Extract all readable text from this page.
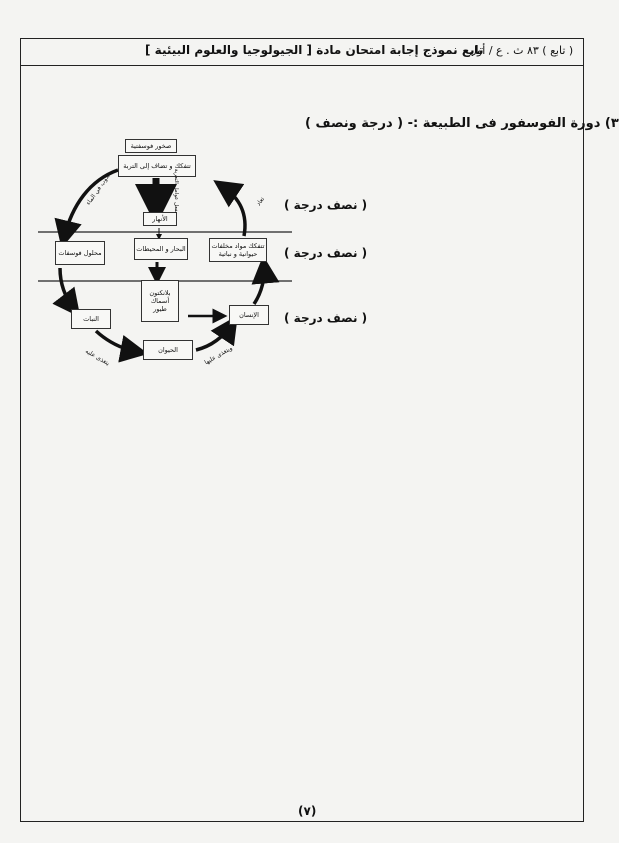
( تابع ) ٨٣ ث . ع / أول
تابع نموذج إجابة امتحان مادة [ الجيولوجيا والعلوم البيئية ]
٣) دورة الفوسفور فى الطبيعة :- ( درجة ونصف )
( نصف درجة )
( نصف درجة )
( نصف درجة )
صخور فوسفتية
تتفكك و تضاف إلى التربة
الأنهار
البحار و المحيطات
محلول فوسفات
تتفكك مواد مخلفات حيوانية و نباتية
بلانكتون أسماك طيور
النبات	الإنسان
الحيوان
تذوب في الماء	بفعل عوامل التعرية
يتغذى عليه	ويتغذى عليها
تعاد
(٧)
